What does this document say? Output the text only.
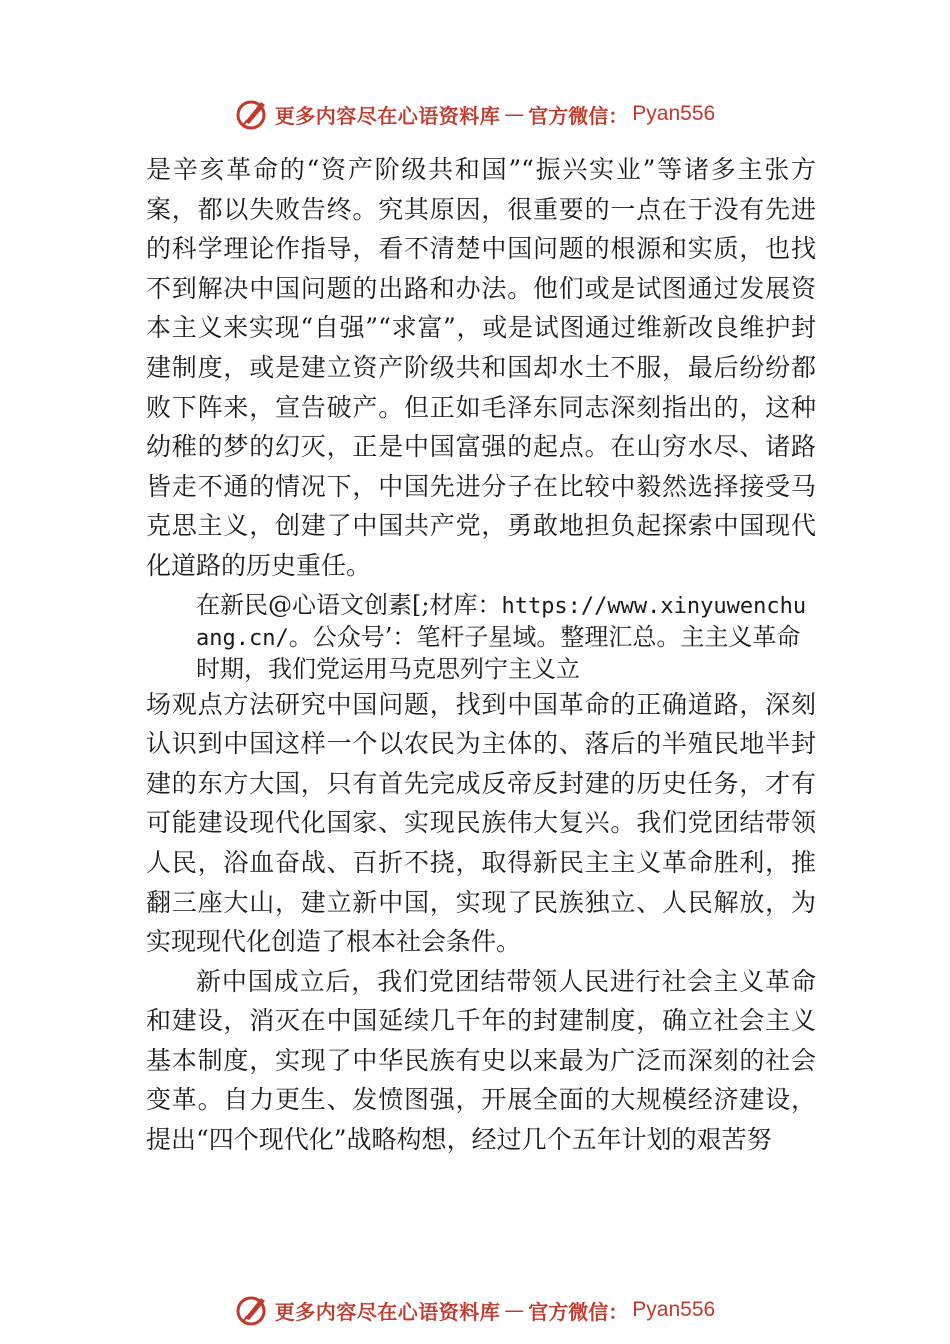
更多内容尽在心语资料库 — 官方微信： Pyan556

是辛亥革命的“资产阶级共和国”“振兴实业”等诸多主张方案，都以失败告终。究其原因，很重要的一点在于没有先进的科学理论作指导，看不清楚中国问题的根源和实质，也找不到解决中国问题的出路和办法。他们或是试图通过发展资本主义来实现“自强”“求富”，或是试图通过维新改良维护封建制度，或是建立资产阶级共和国却水土不服，最后纷纷都败下阵来，宣告破产。但正如毛泽东同志深刻指出的，这种幼稚的梦的幻灭，正是中国富强的起点。在山穷水尽、诸路皆走不通的情况下，中国先进分子在比较中毅然选择接受马克思主义，创建了中国共产党，勇敢地担负起探索中国现代化道路的历史重任。

在新民@心语文创素[;材库：https://www.xinyuwenchuang.cn/。公众号’：笔杆子星域。整理汇总。主主义革命时期，我们党运用马克思列宁主义立

场观点方法研究中国问题，找到中国革命的正确道路，深刻认识到中国这样一个以农民为主体的、落后的半殖民地半封建的东方大国，只有首先完成反帝反封建的历史任务，才有可能建设现代化国家、实现民族伟大复兴。我们党团结带领人民，浴血奋战、百折不挠，取得新民主主义革命胜利，推翻三座大山，建立新中国，实现了民族独立、人民解放，为实现现代化创造了根本社会条件。

新中国成立后，我们党团结带领人民进行社会主义革命和建设，消灭在中国延续几千年的封建制度，确立社会主义基本制度，实现了中华民族有史以来最为广泛而深刻的社会变革。自力更生、发愤图强，开展全面的大规模经济建设， 提出“四个现代化”战略构想，经过几个五年计划的艰苦努

更多内容尽在心语资料库 — 官方微信： Pyan556
